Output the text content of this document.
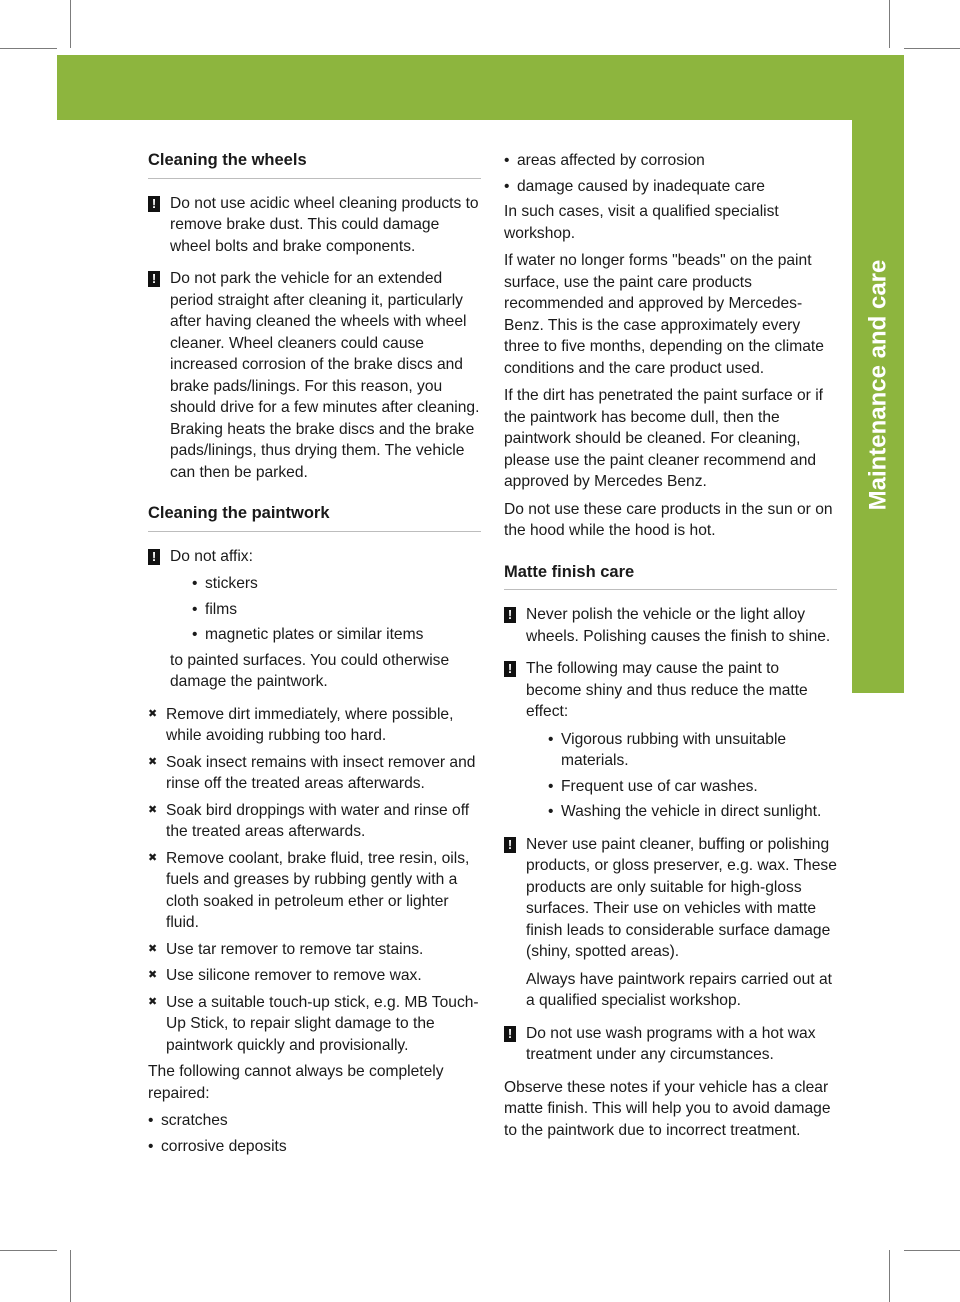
Care 267
Maintenance and care
Cleaning the wheels
! Do not use acidic wheel cleaning products to remove brake dust. This could damage wheel bolts and brake components.
! Do not park the vehicle for an extended period straight after cleaning it, particularly after having cleaned the wheels with wheel cleaner. Wheel cleaners could cause increased corrosion of the brake discs and brake pads/linings. For this reason, you should drive for a few minutes after cleaning. Braking heats the brake discs and the brake pads/linings, thus drying them. The vehicle can then be parked.
Cleaning the paintwork
! Do not affix:

• stickers
• films
• magnetic plates or similar items

to painted surfaces. You could otherwise damage the paintwork.

✖ Remove dirt immediately, where possible, while avoiding rubbing too hard.
✖ Soak insect remains with insect remover and rinse off the treated areas afterwards.
✖ Soak bird droppings with water and rinse off the treated areas afterwards.
✖ Remove coolant, brake fluid, tree resin, oils, fuels and greases by rubbing gently with a cloth soaked in petroleum ether or lighter fluid.
✖ Use tar remover to remove tar stains.
✖ Use silicone remover to remove wax.
✖ Use a suitable touch-up stick, e.g. MB Touch-Up Stick, to repair slight damage to the paintwork quickly and provisionally.

The following cannot always be completely repaired:

• scratches
• corrosive deposits
• areas affected by corrosion
• damage caused by inadequate care

In such cases, visit a qualified specialist workshop.

If water no longer forms "beads" on the paint surface, use the paint care products recommended and approved by Mercedes-Benz. This is the case approximately every three to five months, depending on the climate conditions and the care product used.

If the dirt has penetrated the paint surface or if the paintwork has become dull, then the paintwork should be cleaned. For cleaning, please use the paint cleaner recommend and approved by Mercedes Benz.

Do not use these care products in the sun or on the hood while the hood is hot.

Matte finish care
! Never polish the vehicle or the light alloy wheels. Polishing causes the finish to shine.
! The following may cause the paint to become shiny and thus reduce the matte effect:

• Vigorous rubbing with unsuitable materials.
• Frequent use of car washes.
• Washing the vehicle in direct sunlight.
! Never use paint cleaner, buffing or polishing products, or gloss preserver, e.g. wax. These products are only suitable for high-gloss surfaces. Their use on vehicles with matte finish leads to considerable surface damage (shiny, spotted areas).

Always have paintwork repairs carried out at a qualified specialist workshop.

! Do not use wash programs with a hot wax treatment under any circumstances.

Observe these notes if your vehicle has a clear matte finish. This will help you to avoid damage to the paintwork due to incorrect treatment.
